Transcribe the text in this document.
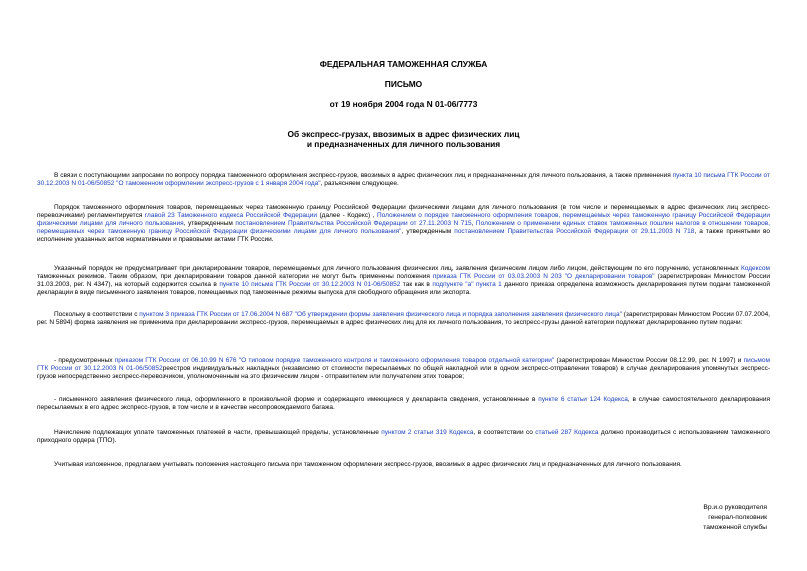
ФЕДЕРАЛЬНАЯ ТАМОЖЕННАЯ СЛУЖБА
ПИСЬМО
от 19 ноября 2004 года N 01-06/7773
Об экспресс-грузах, ввозимых в адрес физических лиц
и предназначенных для личного пользования
В связи с поступающими запросами по вопросу порядка таможенного оформления экспресс-грузов, ввозимых в адрес физических лиц и предназначенных для личного пользования, а также применения пункта 10 письма ГТК России от 30.12.2003 N 01-06/50852 "О таможенном оформлении экспресс-грузов с 1 января 2004 года", разъясняем следующее.
Порядок таможенного оформления товаров, перемещаемых через таможенную границу Российской Федерации физическими лицами для личного пользования (в том числе и перемещаемых в адрес физических лиц экспресс-перевозчиками) регламентируется главой 23 Таможенного кодекса Российской Федерации (далее - Кодекс) , Положением о порядке таможенного оформления товаров, перемещаемых через таможенную границу Российской Федерации физическими лицами для личного пользования, утвержденным постановлением Правительства Российской Федерации от 27.11.2003 N 715, Положением о применении единых ставок таможенных пошлин налогов в отношении товаров, перемещаемых через таможенную границу Российской Федерации физическими лицами для личного пользования", утвержденным постановлением Правительства Российской Федерации от 29.11.2003 N 718, а также принятыми во исполнение указанных актов нормативными и правовыми актами ГТК России.
Указанный порядок не предусматривает при декларировании товаров, перемещаемых для личного пользования физических лиц, заявления физическим лицом либо лицом, действующим по его поручению, установленных Кодексом таможенных режимов. Таким образом, при декларировании товаров данной категории не могут быть применены положения приказа ГТК России от 03.03.2003 N 203 "О декларировании товаров" (зарегистрирован Минюстом России 31.03.2003, рег. N 4347), на который содержится ссылка в пункте 10 письма ГТК России от 30.12.2003 N 01-06/50852 так как в подпункте "а" пункта 1 данного приказа определена возможность декларирования путем подачи таможенной декларации в виде письменного заявления товаров, помещаемых под таможенные режимы выпуска для свободного обращения или экспорта.
Поскольку в соответствии с пунктом 3 приказа ГТК России от 17.06.2004 N 687 "Об утверждении формы заявления физического лица и порядка заполнения заявления физического лица" (зарегистрирован Минюстом России 07.07.2004, рег. N 5894) форма заявления не применима при декларировании экспресс-грузов, перемещаемых в адрес физических лиц для их личного пользования, то экспресс-грузы данной категории подлежат декларированию путем подачи:
- предусмотренных приказом ГТК России от 06.10.99 N 676 "О типовом порядке таможенного контроля и таможенного оформления товаров отдельной категории" (зарегистрирован Минюстом России 08.12.99, рег. N 1997) и письмом ГТК России от 30.12.2003 N 01-06/50852реестров индивидуальных накладных (независимо от стоимости пересылаемых по общей накладной или в одном экспресс-отправлении товаров) в случае декларирования упомянутых экспресс-грузов непосредственно экспресс-перевозчиком, уполномоченным на это физическим лицом - отправителем или получателем этих товаров;
- письменного заявления физического лица, оформленного в произвольной форме и содержащего имеющиеся у декларанта сведения, установленные в пункте 6 статьи 124 Кодекса, в случае самостоятельного декларирования пересылаемых в его адрес экспресс-грузов, в том числе и в качестве несопровождаемого багажа.
Начисление подлежащих уплате таможенных платежей в части, превышающей пределы, установленные пунктом 2 статьи 319 Кодекса, в соответствии со статьей 287 Кодекса должно производиться с использованием таможенного приходного ордера (ТПО).
Учитывая изложенное, предлагаем учитывать положения настоящего письма при таможенном оформлении экспресс-грузов, ввозимых в адрес физических лиц и предназначенных для личного пользования.
Вр.и.о руководителя
генерал-полковник
таможенной службы
